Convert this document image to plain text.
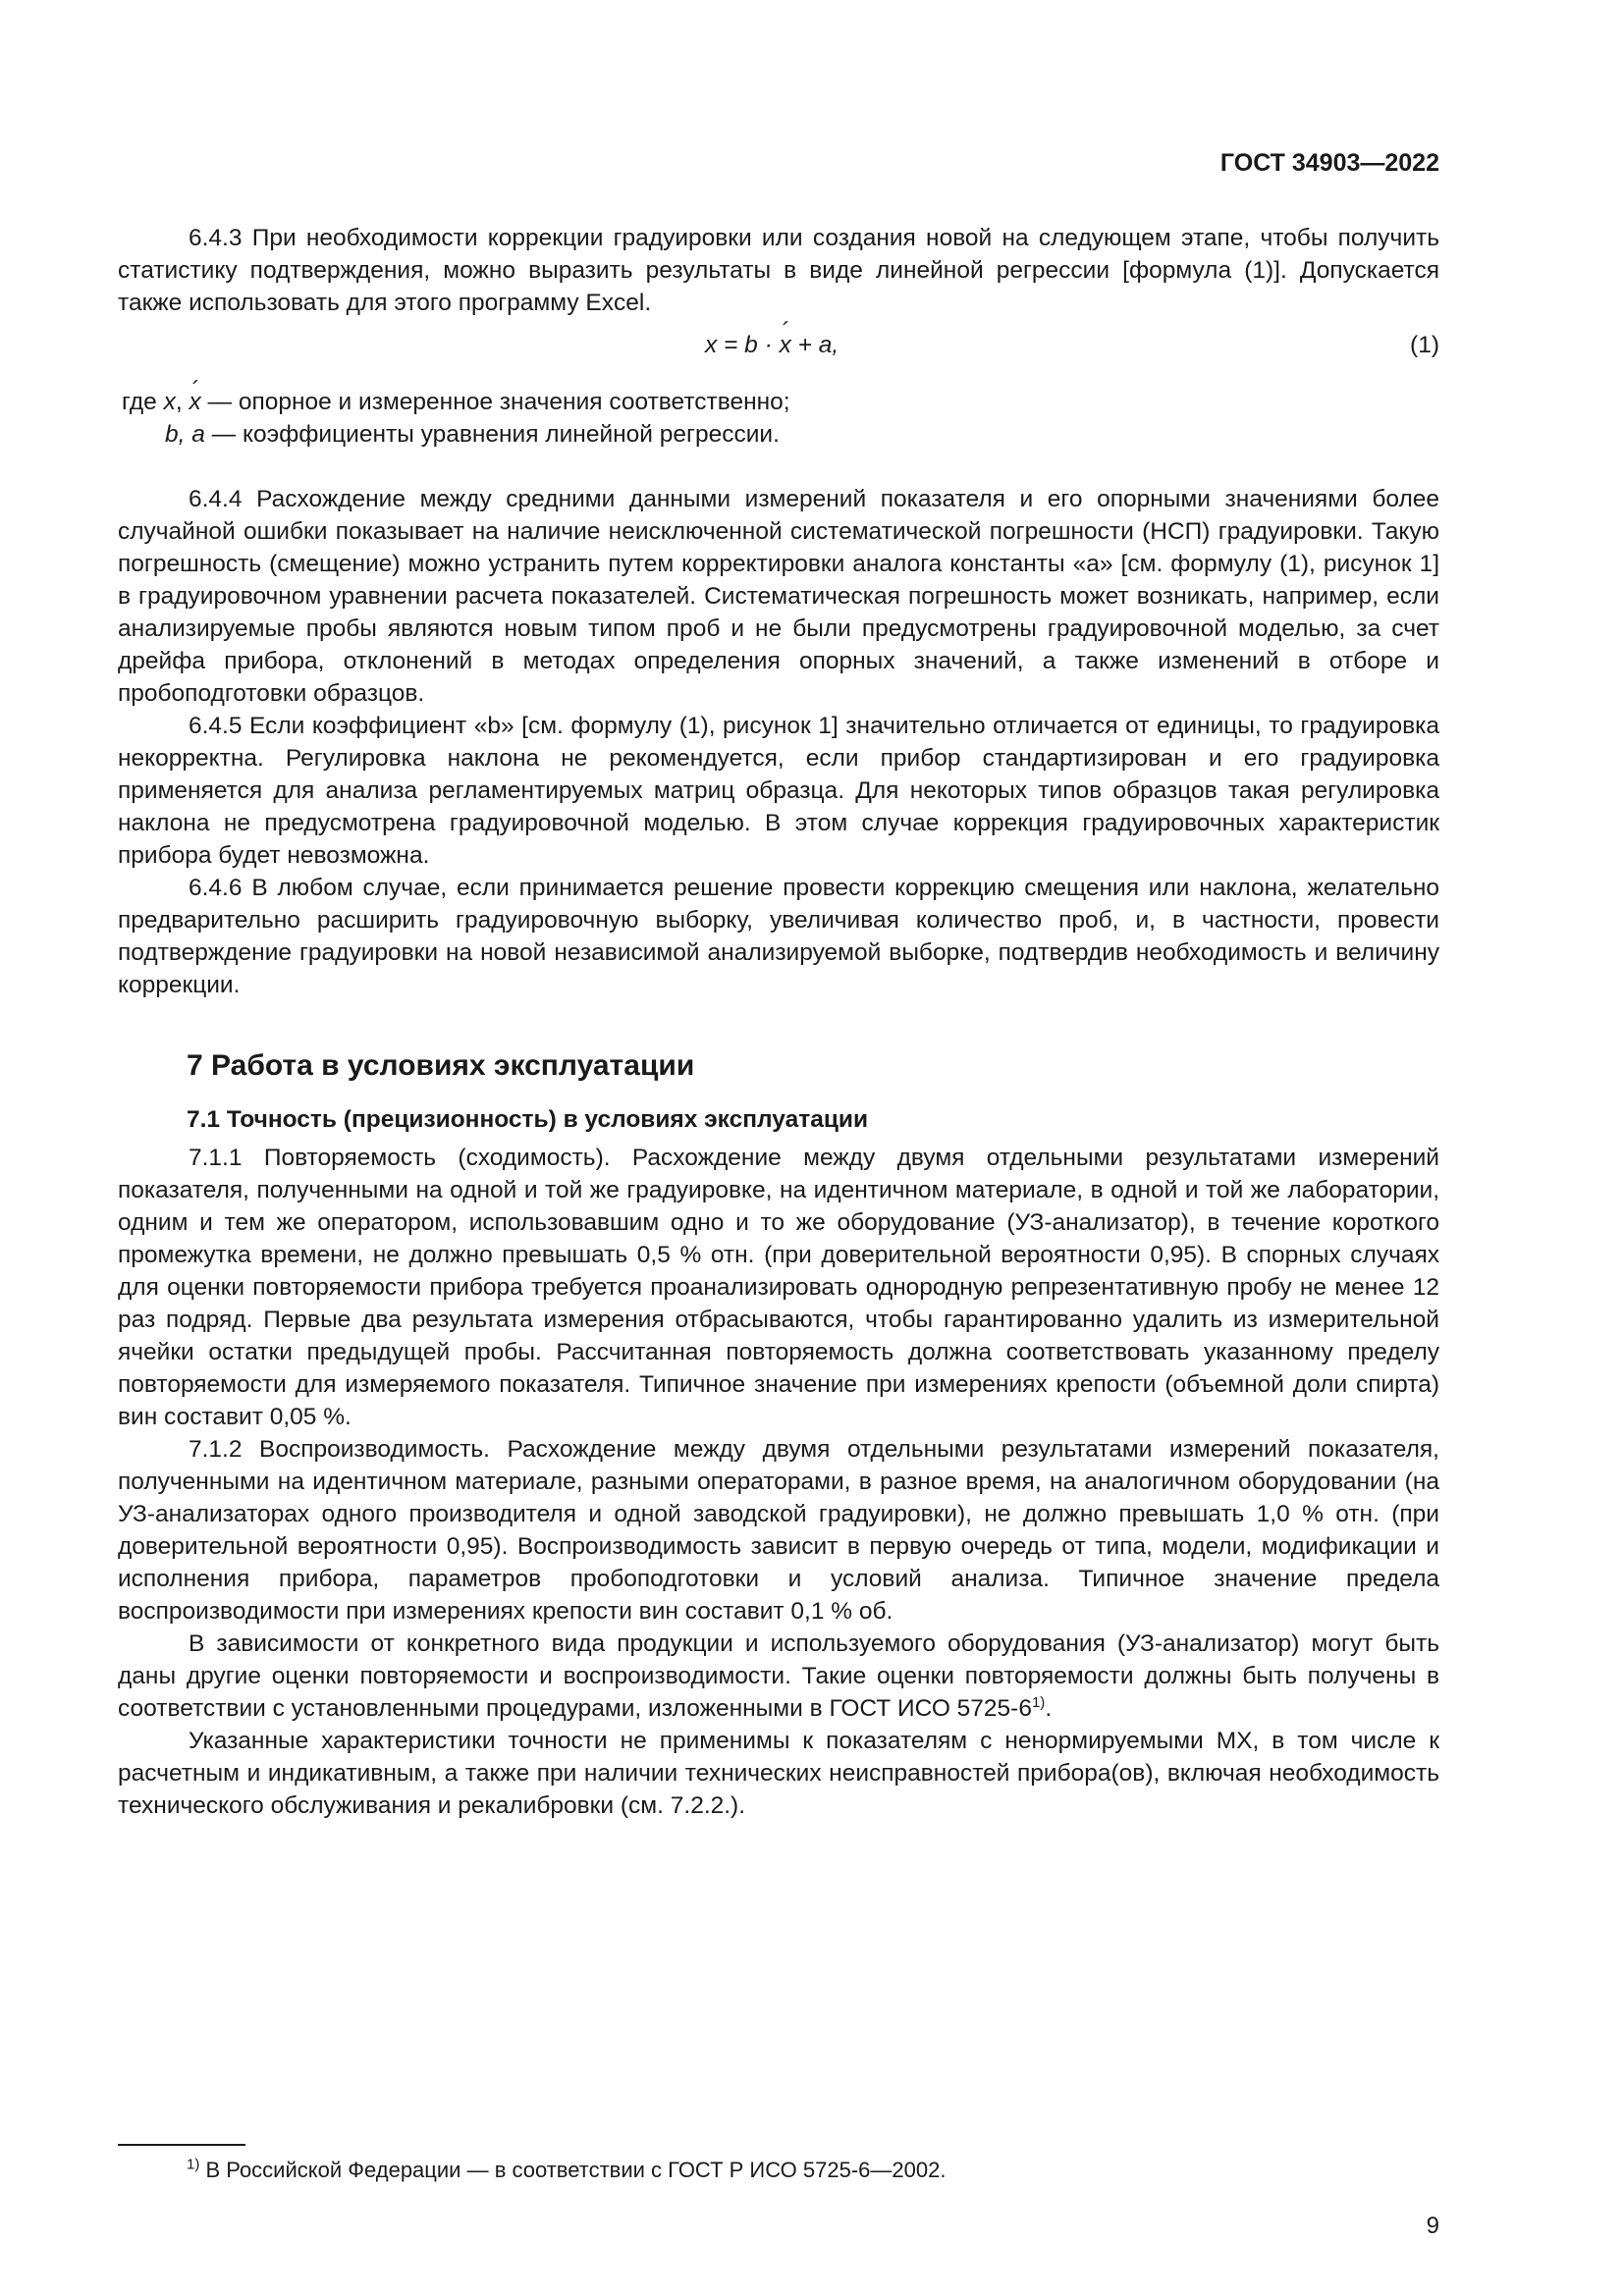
ГОСТ 34903—2022

6.4.3 При необходимости коррекции градуировки или создания новой на следующем этапе, чтобы получить статистику подтверждения, можно выразить результаты в виде линейной регрессии [формула (1)]. Допускается также использовать для этого программу Excel.

x = b · x ´ + a,	(1)
где x, x ´ — опорное и измеренное значения соответственно;
b, a — коэффициенты уравнения линейной регрессии.

6.4.4 Расхождение между средними данными измерений показателя и его опорными значениями более случайной ошибки показывает на наличие неисключенной систематической погрешности (НСП) градуировки. Такую погрешность (смещение) можно устранить путем корректировки аналога константы «a» [см. формулу (1), рисунок 1] в градуировочном уравнении расчета показателей. Систематическая погрешность может возникать, например, если анализируемые пробы являются новым типом проб и не были предусмотрены градуировочной моделью, за счет дрейфа прибора, отклонений в методах определения опорных значений, а также изменений в отборе и пробоподготовки образцов.

6.4.5 Если коэффициент «b» [см. формулу (1), рисунок 1] значительно отличается от единицы, то градуировка некорректна. Регулировка наклона не рекомендуется, если прибор стандартизирован и его градуировка применяется для анализа регламентируемых матриц образца. Для некоторых типов образцов такая регулировка наклона не предусмотрена градуировочной моделью. В этом случае коррекция градуировочных характеристик прибора будет невозможна.

6.4.6 В любом случае, если принимается решение провести коррекцию смещения или наклона, желательно предварительно расширить градуировочную выборку, увеличивая количество проб, и, в частности, провести подтверждение градуировки на новой независимой анализируемой выборке, подтвердив необходимость и величину коррекции.

7 Работа в условиях эксплуатации
7.1 Точность (прецизионность) в условиях эксплуатации

7.1.1 Повторяемость (сходимость). Расхождение между двумя отдельными результатами измерений показателя, полученными на одной и той же градуировке, на идентичном материале, в одной и той же лаборатории, одним и тем же оператором, использовавшим одно и то же оборудование (УЗ-анализатор), в течение короткого промежутка времени, не должно превышать 0,5 % отн. (при доверительной вероятности 0,95). В спорных случаях для оценки повторяемости прибора требуется проанализировать однородную репрезентативную пробу не менее 12 раз подряд. Первые два результата измерения отбрасываются, чтобы гарантированно удалить из измерительной ячейки остатки предыдущей пробы. Рассчитанная повторяемость должна соответствовать указанному пределу повторяемости для измеряемого показателя. Типичное значение при измерениях крепости (объемной доли спирта) вин составит 0,05 %.

7.1.2 Воспроизводимость. Расхождение между двумя отдельными результатами измерений показателя, полученными на идентичном материале, разными операторами, в разное время, на аналогичном оборудовании (на УЗ-анализаторах одного производителя и одной заводской градуировки), не должно превышать 1,0 % отн. (при доверительной вероятности 0,95). Воспроизводимость зависит в первую очередь от типа, модели, модификации и исполнения прибора, параметров пробоподготовки и условий анализа. Типичное значение предела воспроизводимости при измерениях крепости вин составит 0,1 % об.

В зависимости от конкретного вида продукции и используемого оборудования (УЗ-анализатор) могут быть даны другие оценки повторяемости и воспроизводимости. Такие оценки повторяемости должны быть получены в соответствии с установленными процедурами, изложенными в ГОСТ ИСО 5725-6$^{1)}$.

Указанные характеристики точности не применимы к показателям с ненормируемыми МХ, в том числе к расчетным и индикативным, а также при наличии технических неисправностей прибора(ов), включая необходимость технического обслуживания и рекалибровки (см. 7.2.2.).

$^{1)}$ В Российской Федерации — в соответствии с ГОСТ Р ИСО 5725-6—2002.
9
